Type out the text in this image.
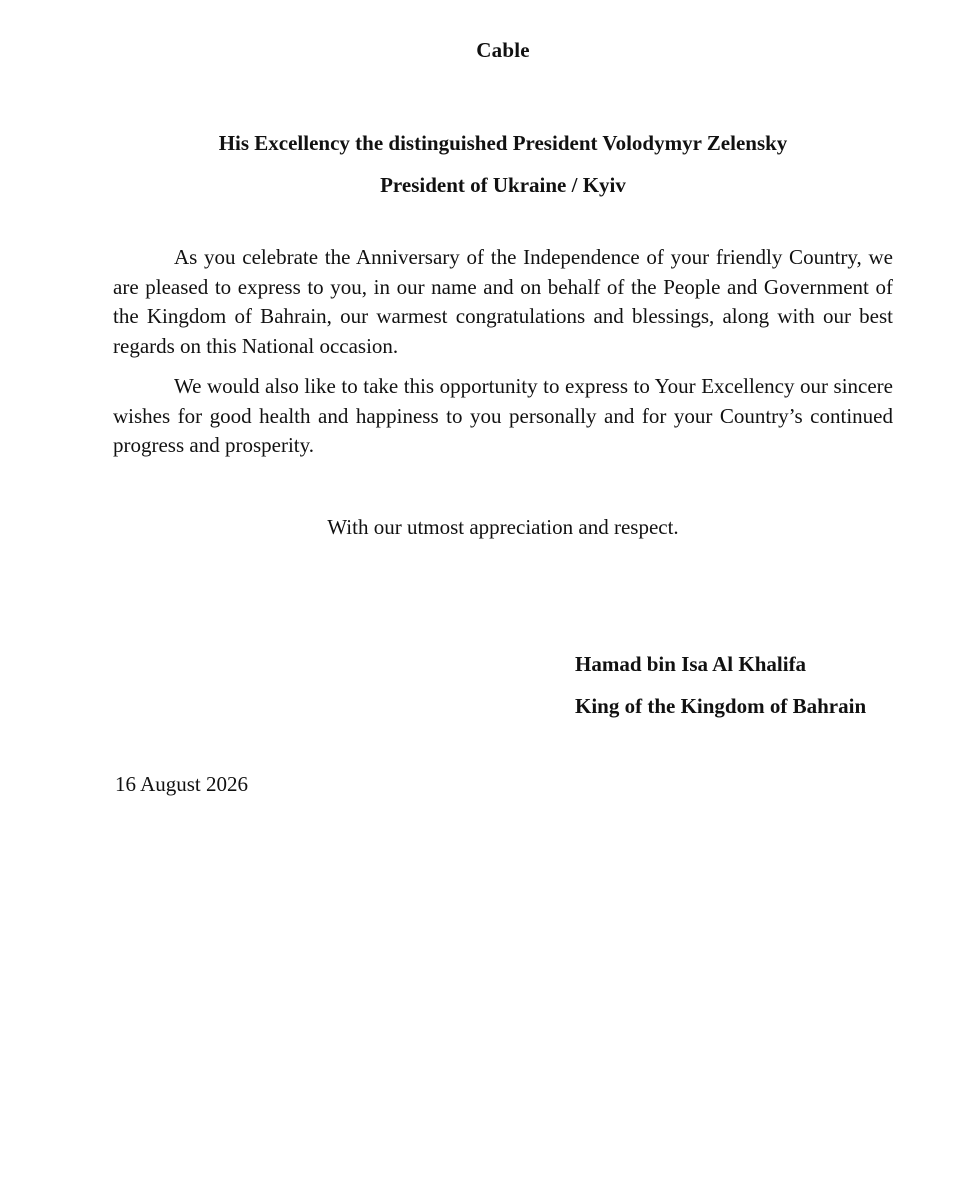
Cable
His Excellency the distinguished President Volodymyr Zelensky
President of Ukraine / Kyiv

As you celebrate the Anniversary of the Independence of your friendly Country, we are pleased to express to you, in our name and on behalf of the People and Government of the Kingdom of Bahrain, our warmest congratulations and blessings, along with our best regards on this National occasion.

We would also like to take this opportunity to express to Your Excellency our sincere wishes for good health and happiness to you personally and for your Country’s continued progress and prosperity.

With our utmost appreciation and respect.
Hamad bin Isa Al Khalifa
King of the Kingdom of Bahrain
16 August 2026
